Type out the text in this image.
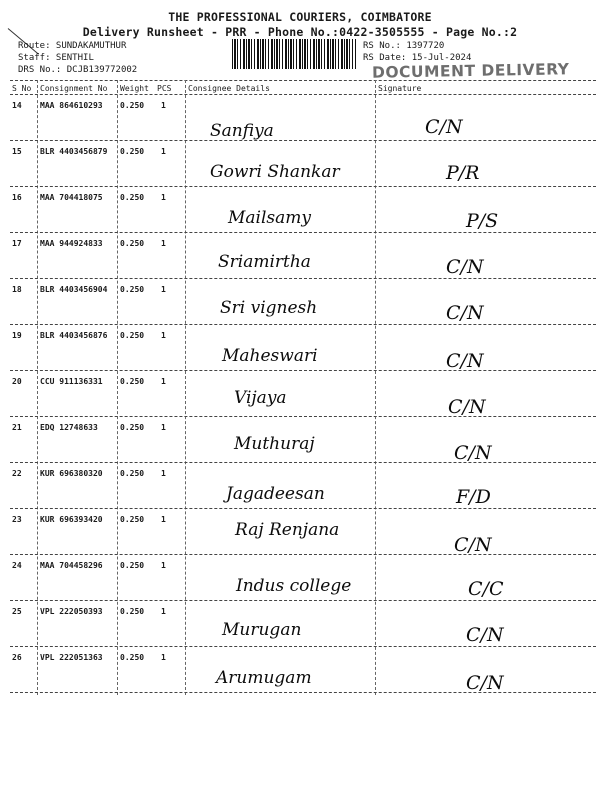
THE PROFESSIONAL COURIERS, COIMBATORE
Delivery Runsheet - PRR - Phone No.:0422-3505555 - Page No.:2
Route: SUNDAKAMUTHUR
Staff: SENTHIL
DRS No.: DCJB139772002
RS No.: 1397720
RS Date: 15-Jul-2024
DOCUMENT DELIVERY
S No Consignment No Weight PCS Consignee Details	Signature
14 MAA 864610293 0.250 1
Sanfiya	C/N
15 BLR 4403456879 0.250 1
Gowri Shankar	P/R
16 MAA 704418075 0.250 1
Mailsamy	P/S
17 MAA 944924833 0.250 1
Sriamirtha	C/N
18 BLR 4403456904 0.250 1
Sri vignesh	C/N
19 BLR 4403456876 0.250 1
Maheswari	C/N
20 CCU 911136331 0.250 1
Vijaya	C/N
21 EDQ 12748633	0.250 1
Muthuraj	C/N
22 KUR 696380320 0.250 1
Jagadeesan	F/D
23 KUR 696393420 0.250 1
Raj Renjana
C/N
24 MAA 704458296 0.250 1
Indus college	C/C
25 VPL 222050393 0.250 1
Murugan	C/N
26 VPL 222051363 0.250 1
Arumugam	C/N
